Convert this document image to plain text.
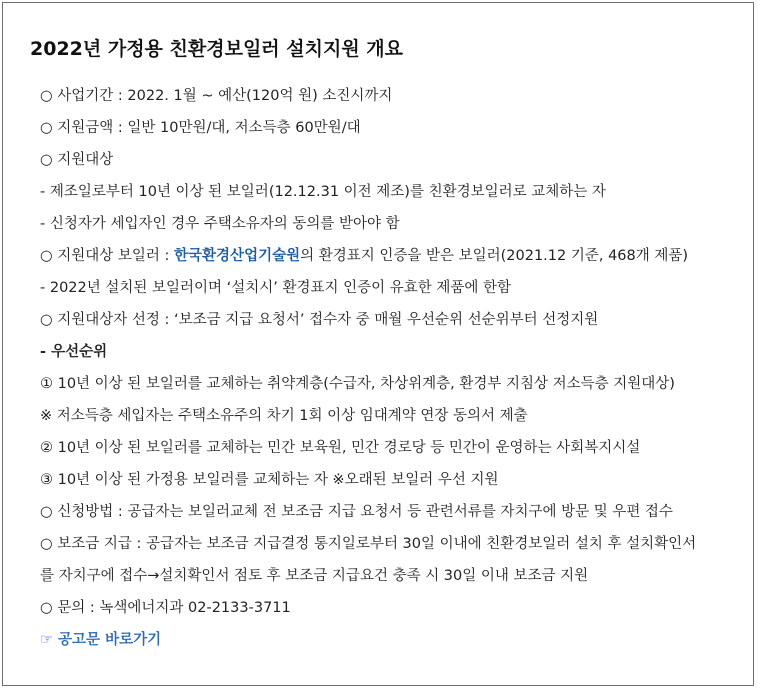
2022년 가정용 친환경보일러 설치지원 개요
○ 사업기간 : 2022. 1월 ~ 예산(120억 원) 소진시까지
○ 지원금액 : 일반 10만원/대, 저소득층 60만원/대
○ 지원대상
- 제조일로부터 10년 이상 된 보일러(12.12.31 이전 제조)를 친환경보일러로 교체하는 자
- 신청자가 세입자인 경우 주택소유자의 동의를 받아야 함
○ 지원대상 보일러 : 한국환경산업기술원의 환경표지 인증을 받은 보일러(2021.12 기준, 468개 제품)
- 2022년 설치된 보일러이며 ‘설치시’ 환경표지 인증이 유효한 제품에 한함
○ 지원대상자 선정 : ‘보조금 지급 요청서’ 접수자 중 매월 우선순위 선순위부터 선정지원
- 우선순위
① 10년 이상 된 보일러를 교체하는 취약계층(수급자, 차상위계층, 환경부 지침상 저소득층 지원대상)
※ 저소득층 세입자는 주택소유주의 차기 1회 이상 임대계약 연장 동의서 제출
② 10년 이상 된 보일러를 교체하는 민간 보육원, 민간 경로당 등 민간이 운영하는 사회복지시설
③ 10년 이상 된 가정용 보일러를 교체하는 자 ※오래된 보일러 우선 지원
○ 신청방법 : 공급자는 보일러교체 전 보조금 지급 요청서 등 관련서류를 자치구에 방문 및 우편 접수
○ 보조금 지급 : 공급자는 보조금 지급결정 통지일로부터 30일 이내에 친환경보일러 설치 후 설치확인서
를 자치구에 접수→설치확인서 점토 후 보조금 지급요건 충족 시 30일 이내 보조금 지원
○ 문의 : 녹색에너지과 02-2133-3711
☞ 공고문 바로가기
